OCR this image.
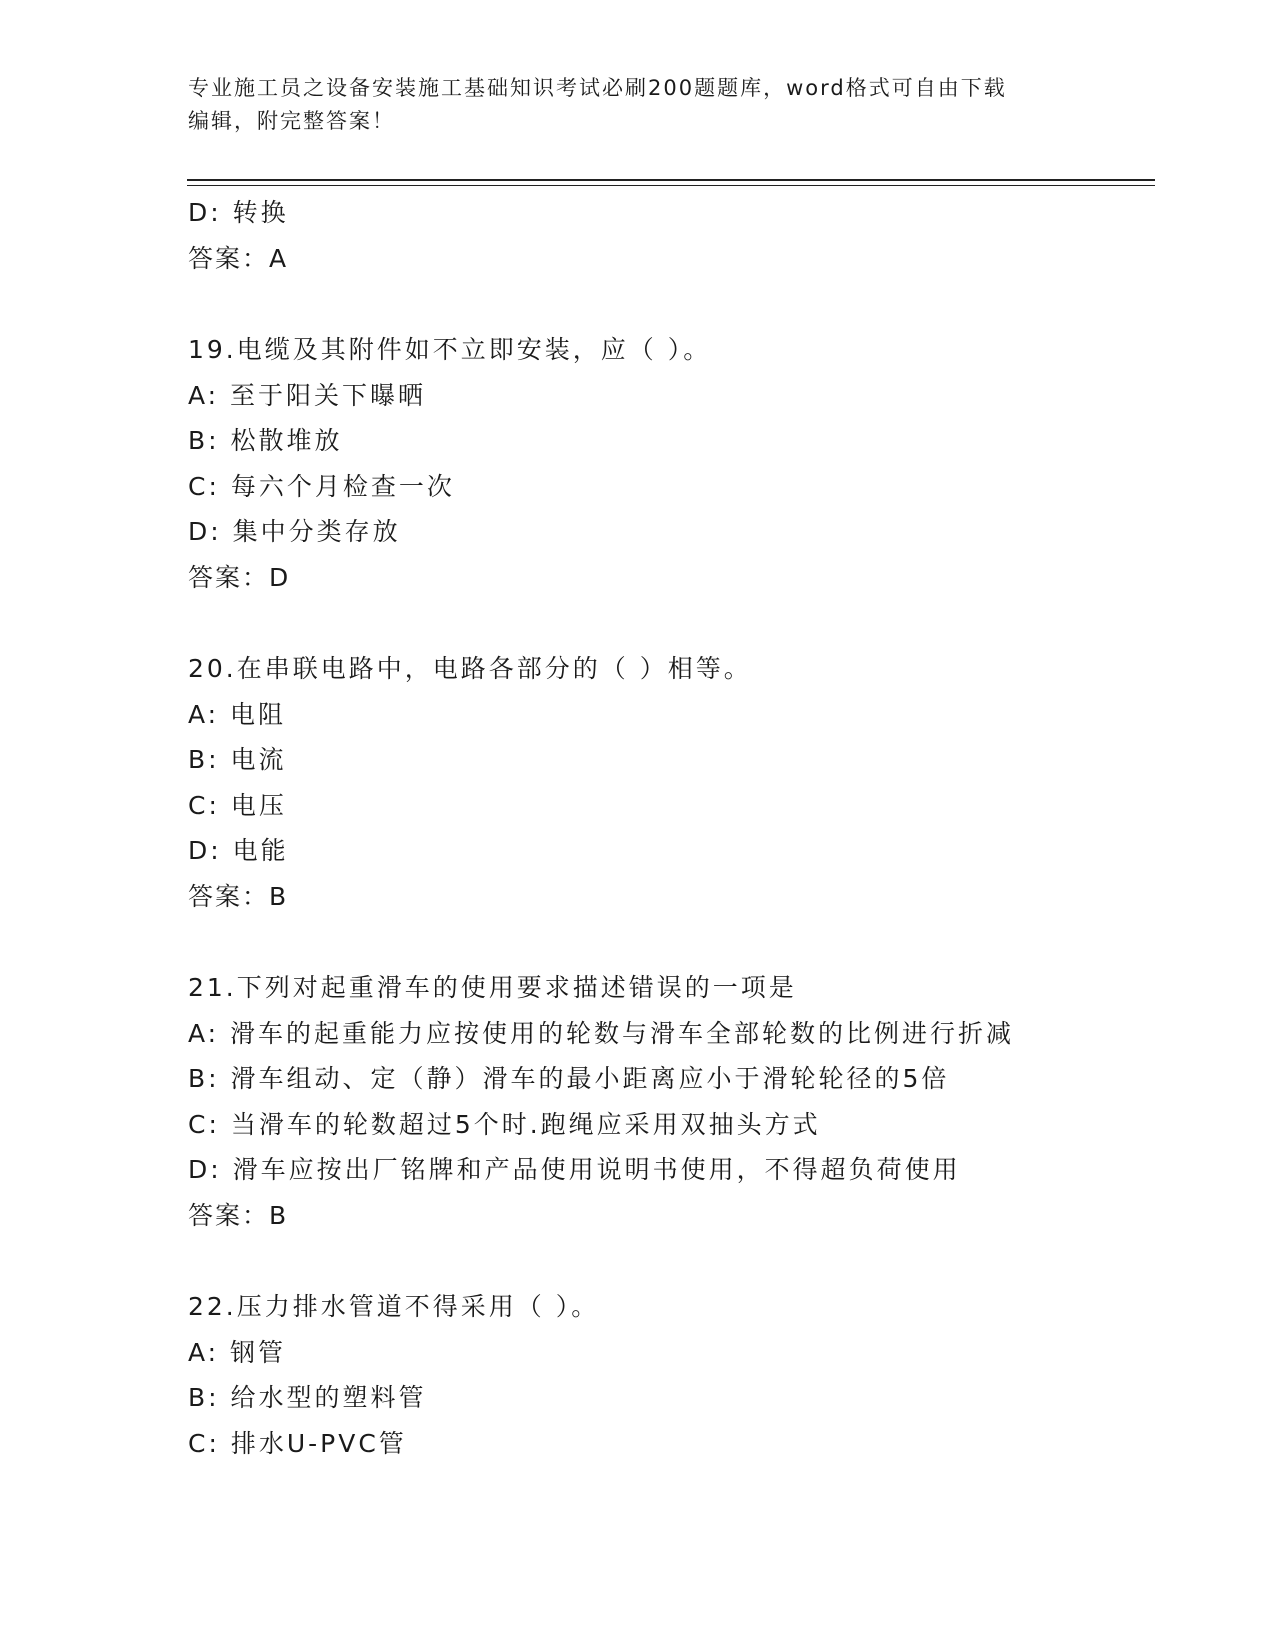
专业施工员之设备安装施工基础知识考试必刷200题题库，word格式可自由下载
编辑，附完整答案！
D: 转换
答案：A
19.电缆及其附件如不立即安装，应（ ）。
A: 至于阳关下曝晒
B: 松散堆放
C: 每六个月检查一次
D: 集中分类存放
答案：D
20.在串联电路中，电路各部分的（ ）相等。
A: 电阻
B: 电流
C: 电压
D: 电能
答案：B
21.下列对起重滑车的使用要求描述错误的一项是
A: 滑车的起重能力应按使用的轮数与滑车全部轮数的比例进行折减
B: 滑车组动、定（静）滑车的最小距离应小于滑轮轮径的5倍
C: 当滑车的轮数超过5个时.跑绳应采用双抽头方式
D: 滑车应按出厂铭牌和产品使用说明书使用，不得超负荷使用
答案：B
22.压力排水管道不得采用（ ）。
A: 钢管
B: 给水型的塑料管
C: 排水U-PVC管
